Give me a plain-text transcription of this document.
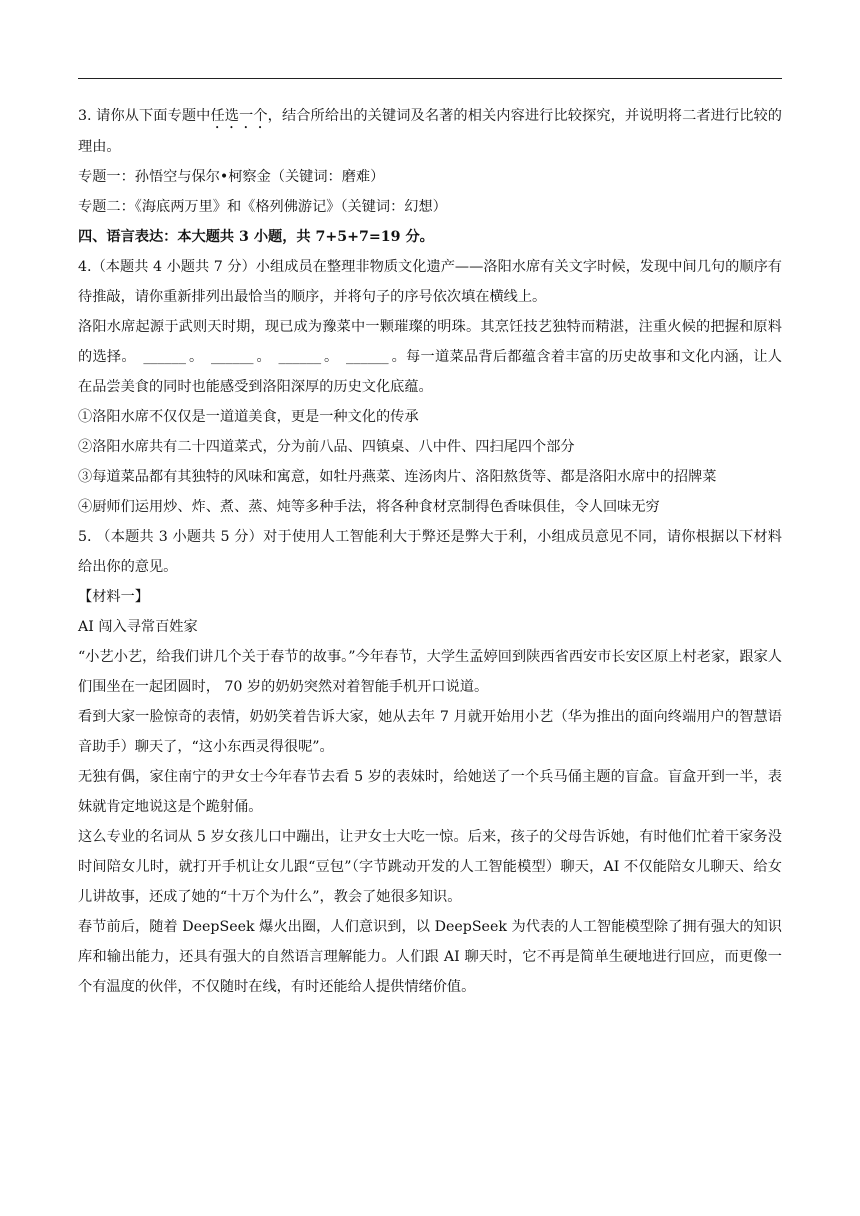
3. 请你从下面专题中任选一个，结合所给出的关键词及名著的相关内容进行比较探究，并说明将二者进行比较的理由。

专题一：孙悟空与保尔•柯察金（关键词：磨难）

专题二：《海底两万里》和《格列佛游记》（关键词：幻想）

四、语言表达：本大题共 3 小题，共 7+5+7=19 分。

4.（本题共 4 小题共 7 分）小组成员在整理非物质文化遗产——洛阳水席有关文字时候，发现中间几句的顺序有待推敲，请你重新排列出最恰当的顺序，并将句子的序号依次填在横线上。

洛阳水席起源于武则天时期，现已成为豫菜中一颗璀璨的明珠。其烹饪技艺独特而精湛，注重火候的把握和原料的选择。 ______ 。 ______ 。 ______ 。 ______ 。每一道菜品背后都蕴含着丰富的历史故事和文化内涵，让人在品尝美食的同时也能感受到洛阳深厚的历史文化底蕴。

①洛阳水席不仅仅是一道道美食，更是一种文化的传承

②洛阳水席共有二十四道菜式，分为前八品、四镇桌、八中件、四扫尾四个部分

③每道菜品都有其独特的风味和寓意，如牡丹燕菜、连汤肉片、洛阳熬货等、都是洛阳水席中的招牌菜

④厨师们运用炒、炸、煮、蒸、炖等多种手法，将各种食材烹制得色香味俱佳，令人回味无穷

5. （本题共 3 小题共 5 分）对于使用人工智能利大于弊还是弊大于利，小组成员意见不同，请你根据以下材料给出你的意见。

【材料一】

AI 闯入寻常百姓家

“小艺小艺，给我们讲几个关于春节的故事。”今年春节，大学生孟婷回到陕西省西安市长安区原上村老家，跟家人们围坐在一起团圆时， 70 岁的奶奶突然对着智能手机开口说道。

看到大家一脸惊奇的表情，奶奶笑着告诉大家，她从去年 7 月就开始用小艺（华为推出的面向终端用户的智慧语音助手）聊天了，“这小东西灵得很呢”。

无独有偶，家住南宁的尹女士今年春节去看 5 岁的表妹时，给她送了一个兵马俑主题的盲盒。盲盒开到一半，表妹就肯定地说这是个跪射俑。

这么专业的名词从 5 岁女孩儿口中蹦出，让尹女士大吃一惊。后来，孩子的父母告诉她，有时他们忙着干家务没时间陪女儿时，就打开手机让女儿跟“豆包”（字节跳动开发的人工智能模型）聊天，AI 不仅能陪女儿聊天、给女儿讲故事，还成了她的“十万个为什么”，教会了她很多知识。

春节前后，随着 DeepSeek 爆火出圈，人们意识到，以 DeepSeek 为代表的人工智能模型除了拥有强大的知识库和输出能力，还具有强大的自然语言理解能力。人们跟 AI 聊天时，它不再是简单生硬地进行回应，而更像一个有温度的伙伴，不仅随时在线，有时还能给人提供情绪价值。
